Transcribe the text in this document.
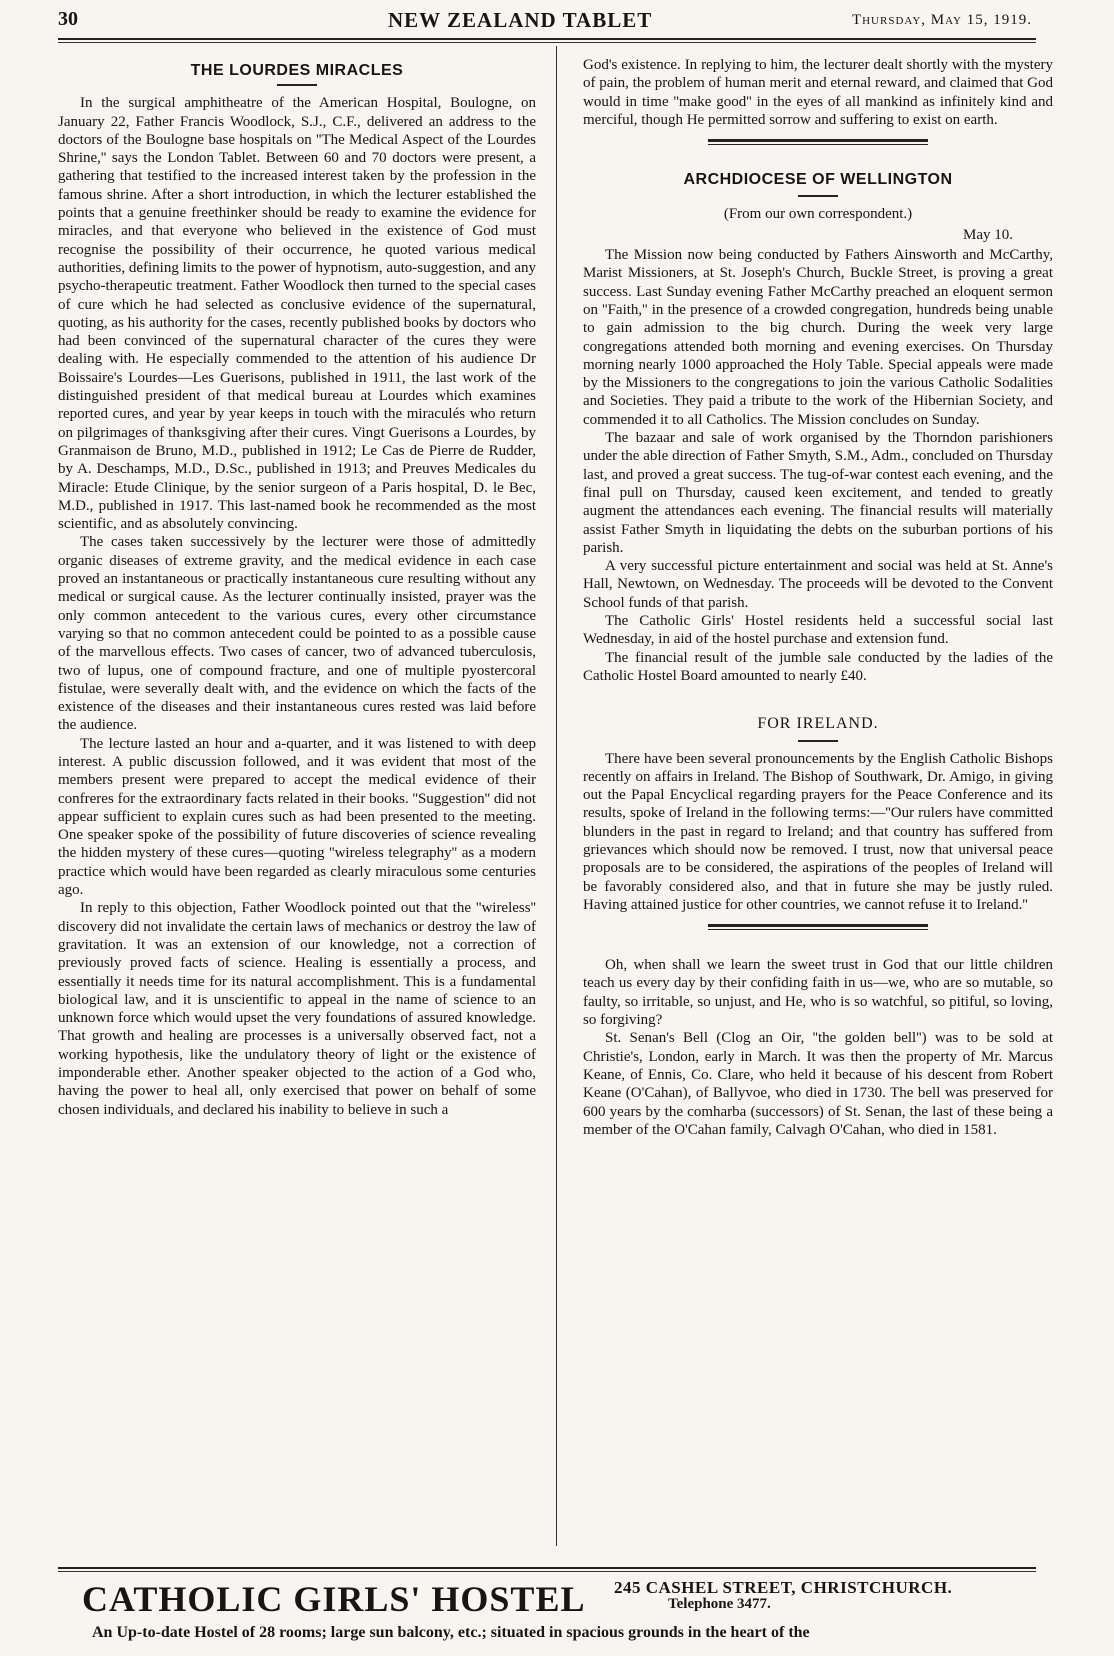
30	NEW ZEALAND TABLET	Thursday, May 15, 1919.
THE LOURDES MIRACLES

In the surgical amphitheatre of the American Hospital, Boulogne, on January 22, Father Francis Woodlock, S.J., C.F., delivered an address to the doctors of the Boulogne base hospitals on ''The Medical Aspect of the Lourdes Shrine,'' says the London Tablet. Between 60 and 70 doctors were present, a gathering that testified to the increased interest taken by the profession in the famous shrine. After a short introduction, in which the lecturer established the points that a genuine freethinker should be ready to examine the evidence for miracles, and that everyone who believed in the existence of God must recognise the possibility of their occurrence, he quoted various medical authorities, defining limits to the power of hypnotism, auto-suggestion, and any psycho-therapeutic treatment. Father Woodlock then turned to the special cases of cure which he had selected as conclusive evidence of the supernatural, quoting, as his authority for the cases, recently published books by doctors who had been convinced of the supernatural character of the cures they were dealing with. He especially commended to the attention of his audience Dr Boissaire's Lourdes—Les Guerisons, published in 1911, the last work of the distinguished president of that medical bureau at Lourdes which examines reported cures, and year by year keeps in touch with the miraculés who return on pilgrimages of thanksgiving after their cures. Vingt Guerisons a Lourdes, by Granmaison de Bruno, M.D., published in 1912; Le Cas de Pierre de Rudder, by A. Deschamps, M.D., D.Sc., published in 1913; and Preuves Medicales du Miracle: Etude Clinique, by the senior surgeon of a Paris hospital, D. le Bec, M.D., published in 1917. This last-named book he recommended as the most scientific, and as absolutely convincing.

The cases taken successively by the lecturer were those of admittedly organic diseases of extreme gravity, and the medical evidence in each case proved an instantaneous or practically instantaneous cure resulting without any medical or surgical cause. As the lecturer continually insisted, prayer was the only common antecedent to the various cures, every other circumstance varying so that no common antecedent could be pointed to as a possible cause of the marvellous effects. Two cases of cancer, two of advanced tuberculosis, two of lupus, one of compound fracture, and one of multiple pyostercoral fistulae, were severally dealt with, and the evidence on which the facts of the existence of the diseases and their instantaneous cures rested was laid before the audience.

The lecture lasted an hour and a-quarter, and it was listened to with deep interest. A public discussion followed, and it was evident that most of the members present were prepared to accept the medical evidence of their confreres for the extraordinary facts related in their books. ''Suggestion'' did not appear sufficient to explain cures such as had been presented to the meeting. One speaker spoke of the possibility of future discoveries of science revealing the hidden mystery of these cures—quoting ''wireless telegraphy'' as a modern practice which would have been regarded as clearly miraculous some centuries ago.

In reply to this objection, Father Woodlock pointed out that the ''wireless'' discovery did not invalidate the certain laws of mechanics or destroy the law of gravitation. It was an extension of our knowledge, not a correction of previously proved facts of science. Healing is essentially a process, and essentially it needs time for its natural accomplishment. This is a fundamental biological law, and it is unscientific to appeal in the name of science to an unknown force which would upset the very foundations of assured knowledge. That growth and healing are processes is a universally observed fact, not a working hypothesis, like the undulatory theory of light or the existence of imponderable ether. Another speaker objected to the action of a God who, having the power to heal all, only exercised that power on behalf of some chosen individuals, and declared his inability to believe in such a

God's existence. In replying to him, the lecturer dealt shortly with the mystery of pain, the problem of human merit and eternal reward, and claimed that God would in time ''make good'' in the eyes of all mankind as infinitely kind and merciful, though He permitted sorrow and suffering to exist on earth.

ARCHDIOCESE OF WELLINGTON
(From our own correspondent.)
May 10.

The Mission now being conducted by Fathers Ainsworth and McCarthy, Marist Missioners, at St. Joseph's Church, Buckle Street, is proving a great success. Last Sunday evening Father McCarthy preached an eloquent sermon on ''Faith,'' in the presence of a crowded congregation, hundreds being unable to gain admission to the big church. During the week very large congregations attended both morning and evening exercises. On Thursday morning nearly 1000 approached the Holy Table. Special appeals were made by the Missioners to the congregations to join the various Catholic Sodalities and Societies. They paid a tribute to the work of the Hibernian Society, and commended it to all Catholics. The Mission concludes on Sunday.

The bazaar and sale of work organised by the Thorndon parishioners under the able direction of Father Smyth, S.M., Adm., concluded on Thursday last, and proved a great success. The tug-of-war contest each evening, and the final pull on Thursday, caused keen excitement, and tended to greatly augment the attendances each evening. The financial results will materially assist Father Smyth in liquidating the debts on the suburban portions of his parish.

A very successful picture entertainment and social was held at St. Anne's Hall, Newtown, on Wednesday. The proceeds will be devoted to the Convent School funds of that parish.

The Catholic Girls' Hostel residents held a successful social last Wednesday, in aid of the hostel purchase and extension fund.

The financial result of the jumble sale conducted by the ladies of the Catholic Hostel Board amounted to nearly £40.

FOR IRELAND.

There have been several pronouncements by the English Catholic Bishops recently on affairs in Ireland. The Bishop of Southwark, Dr. Amigo, in giving out the Papal Encyclical regarding prayers for the Peace Conference and its results, spoke of Ireland in the following terms:—''Our rulers have committed blunders in the past in regard to Ireland; and that country has suffered from grievances which should now be removed. I trust, now that universal peace proposals are to be considered, the aspirations of the peoples of Ireland will be favorably considered also, and that in future she may be justly ruled. Having attained justice for other countries, we cannot refuse it to Ireland.''

Oh, when shall we learn the sweet trust in God that our little children teach us every day by their confiding faith in us—we, who are so mutable, so faulty, so irritable, so unjust, and He, who is so watchful, so pitiful, so loving, so forgiving?

St. Senan's Bell (Clog an Oir, ''the golden bell'') was to be sold at Christie's, London, early in March. It was then the property of Mr. Marcus Keane, of Ennis, Co. Clare, who held it because of his descent from Robert Keane (O'Cahan), of Ballyvoe, who died in 1730. The bell was preserved for 600 years by the comharba (successors) of St. Senan, the last of these being a member of the O'Cahan family, Calvagh O'Cahan, who died in 1581.

CATHOLIC GIRLS' HOSTEL 245 CASHEL STREET, CHRISTCHURCH.
Telephone 3477.
An Up-to-date Hostel of 28 rooms; large sun balcony, etc.; situated in spacious grounds in the heart of the
